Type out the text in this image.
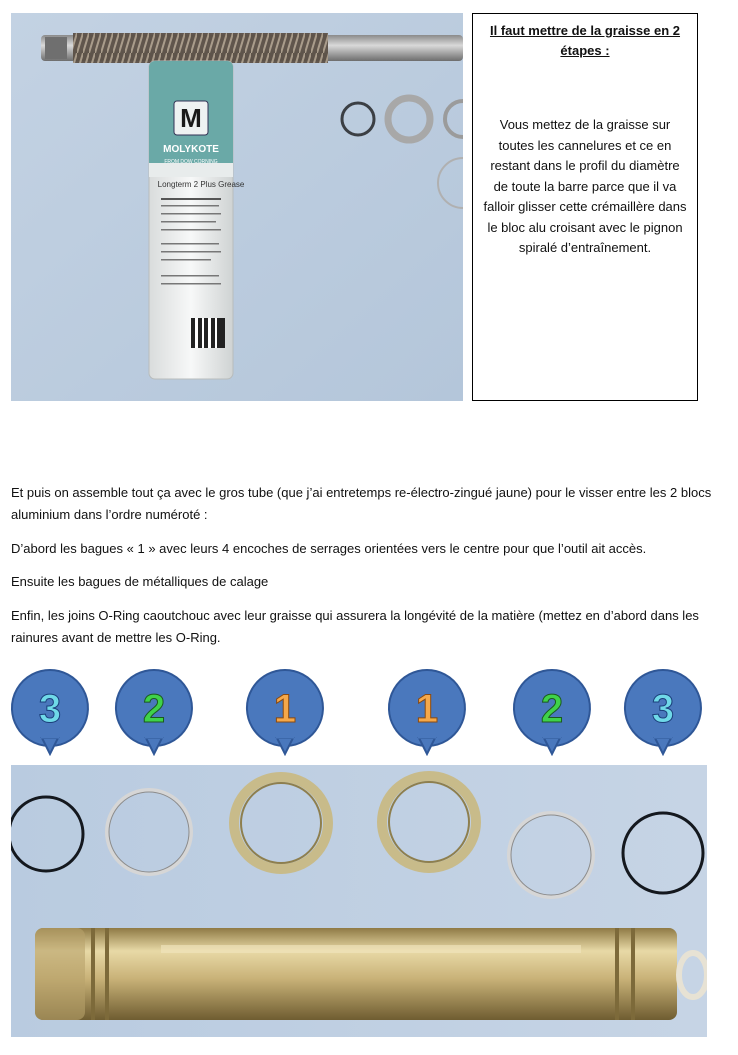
M
MOLYKOTE
FROM DOW CORNING
Longterm 2 Plus Grease
Il faut mettre de la graisse en 2 étapes :
Vous mettez de la graisse sur toutes les cannelures et ce en restant dans le profil du diamètre de toute la barre parce que il va falloir glisser cette crémaillère dans le bloc alu croisant avec le pignon spiralé d’entraînement.

Et puis on assemble tout ça avec le gros tube (que j’ai entretemps re-électro-zingué jaune) pour le visser entre les 2 blocs aluminium dans l’ordre numéroté :

D’abord les bagues « 1 » avec leurs 4 encoches de serrages orientées vers le centre pour que l’outil ait accès.

Ensuite les bagues de métalliques de calage

Enfin, les joins O-Ring caoutchouc avec leur graisse qui assurera la longévité de la matière (mettez en d’abord dans les rainures avant de mettre les O-Ring.

3 2	1	1	2 3
